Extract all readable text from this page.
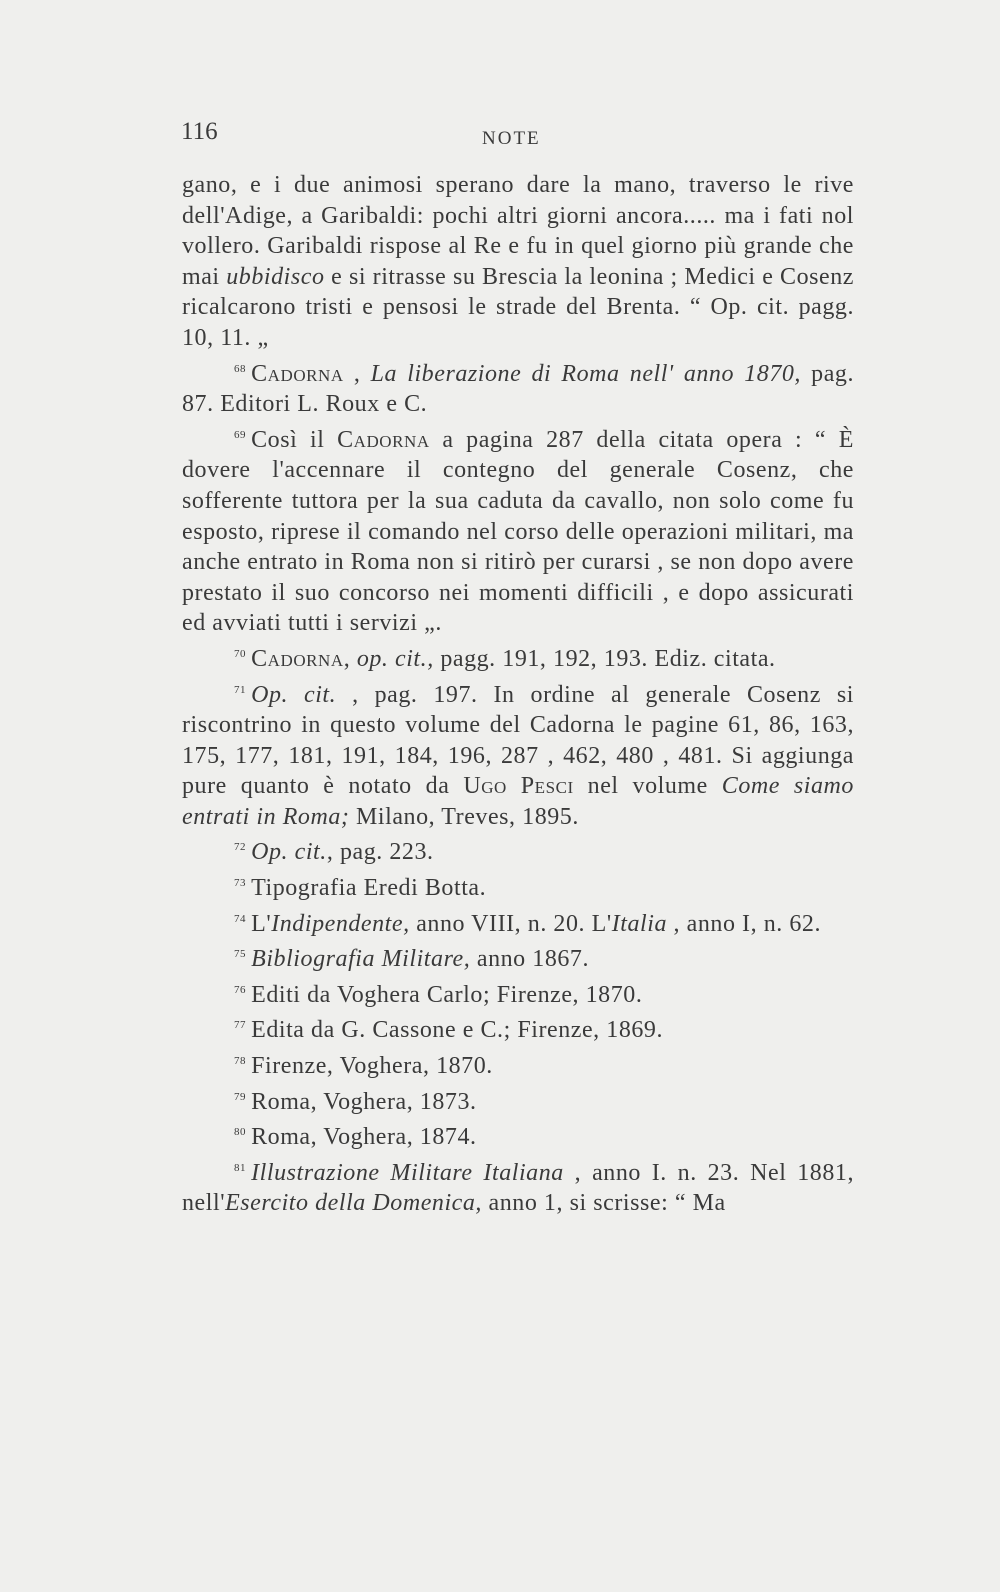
116	NOTE

gano, e i due animosi sperano dare la mano, traverso le rive dell'Adige, a Garibaldi: pochi altri giorni ancora..... ma i fati nol vollero. Garibaldi rispose al Re e fu in quel giorno più grande che mai ubbidisco e si ritrasse su Brescia la leonina ; Medici e Cosenz ricalcarono tristi e pensosi le strade del Brenta. “ Op. cit. pagg. 10, 11. „

$^{68}$ Cadorna , La liberazione di Roma nell' anno 1870, pag. 87. Editori L. Roux e C.

$^{69}$ Così il Cadorna a pagina 287 della citata opera : “ È dovere l'accennare il contegno del generale Cosenz, che sofferente tuttora per la sua caduta da cavallo, non solo come fu esposto, riprese il comando nel corso delle operazioni militari, ma anche entrato in Roma non si ritirò per curarsi , se non dopo avere prestato il suo concorso nei momenti difficili , e dopo assicurati ed avviati tutti i servizi „.

$^{70}$ Cadorna, op. cit., pagg. 191, 192, 193. Ediz. citata.

$^{71}$ Op. cit. , pag. 197. In ordine al generale Cosenz si riscontrino in questo volume del Cadorna le pagine 61, 86, 163, 175, 177, 181, 191, 184, 196, 287 , 462, 480 , 481. Si aggiunga pure quanto è notato da Ugo Pesci nel volume Come siamo entrati in Roma; Milano, Treves, 1895.

$^{72}$ Op. cit., pag. 223.

$^{73}$ Tipografia Eredi Botta.

$^{74}$ L'Indipendente, anno VIII, n. 20. L'Italia , anno I, n. 62.

$^{75}$ Bibliografia Militare, anno 1867.

$^{76}$ Editi da Voghera Carlo; Firenze, 1870.

$^{77}$ Edita da G. Cassone e C.; Firenze, 1869.

$^{78}$ Firenze, Voghera, 1870.

$^{79}$ Roma, Voghera, 1873.

$^{80}$ Roma, Voghera, 1874.

$^{81}$ Illustrazione Militare Italiana , anno I. n. 23. Nel 1881, nell'Esercito della Domenica, anno 1, si scrisse: “ Ma
